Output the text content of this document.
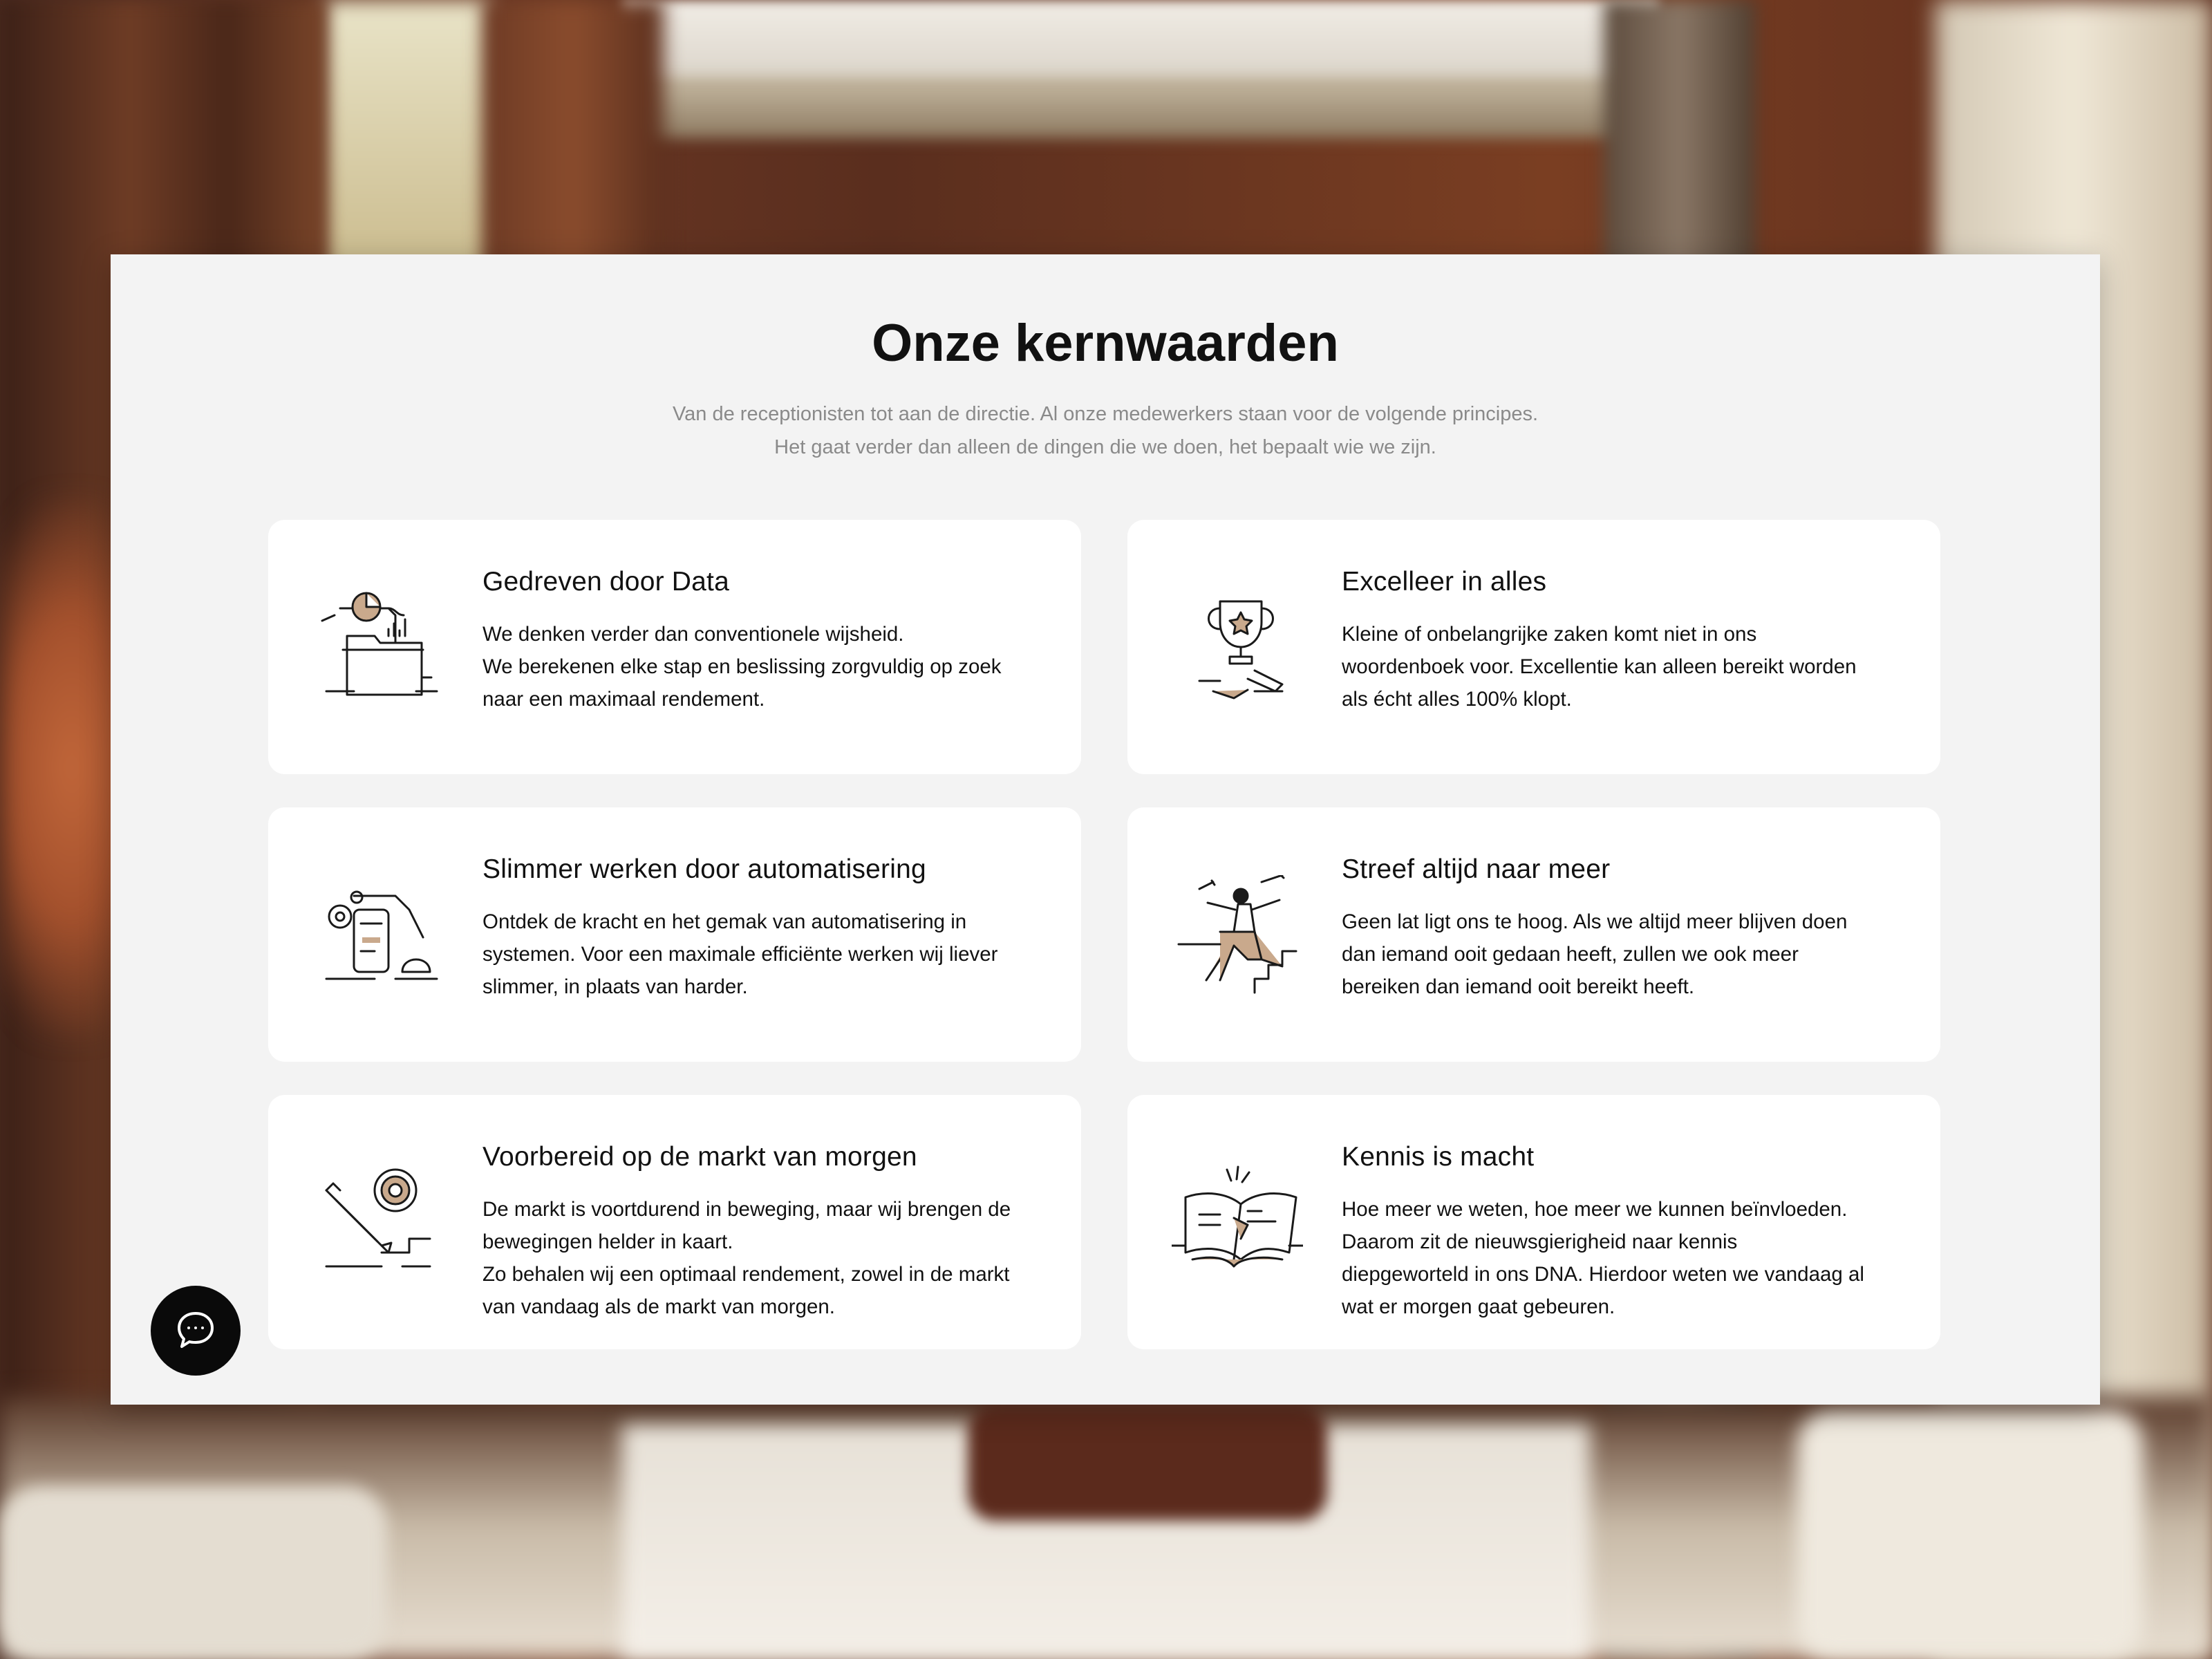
Onze kernwaarden
Van de receptionisten tot aan de directie. Al onze medewerkers staan voor de volgende principes.
Het gaat verder dan alleen de dingen die we doen, het bepaalt wie we zijn.
Gedreven door Data

We denken verder dan conventionele wijsheid.
We berekenen elke stap en beslissing zorgvuldig op zoek
naar een maximaal rendement.

Excelleer in alles

Kleine of onbelangrijke zaken komt niet in ons
woordenboek voor. Excellentie kan alleen bereikt worden
als écht alles 100% klopt.

Slimmer werken door automatisering

Ontdek de kracht en het gemak van automatisering in
systemen. Voor een maximale efficiënte werken wij liever
slimmer, in plaats van harder.

Streef altijd naar meer

Geen lat ligt ons te hoog. Als we altijd meer blijven doen
dan iemand ooit gedaan heeft, zullen we ook meer
bereiken dan iemand ooit bereikt heeft.

Voorbereid op de markt van morgen

De markt is voortdurend in beweging, maar wij brengen de
bewegingen helder in kaart.
Zo behalen wij een optimaal rendement, zowel in de markt
van vandaag als de markt van morgen.

Kennis is macht

Hoe meer we weten, hoe meer we kunnen beïnvloeden.
Daarom zit de nieuwsgierigheid naar kennis
diepgeworteld in ons DNA. Hierdoor weten we vandaag al
wat er morgen gaat gebeuren.
